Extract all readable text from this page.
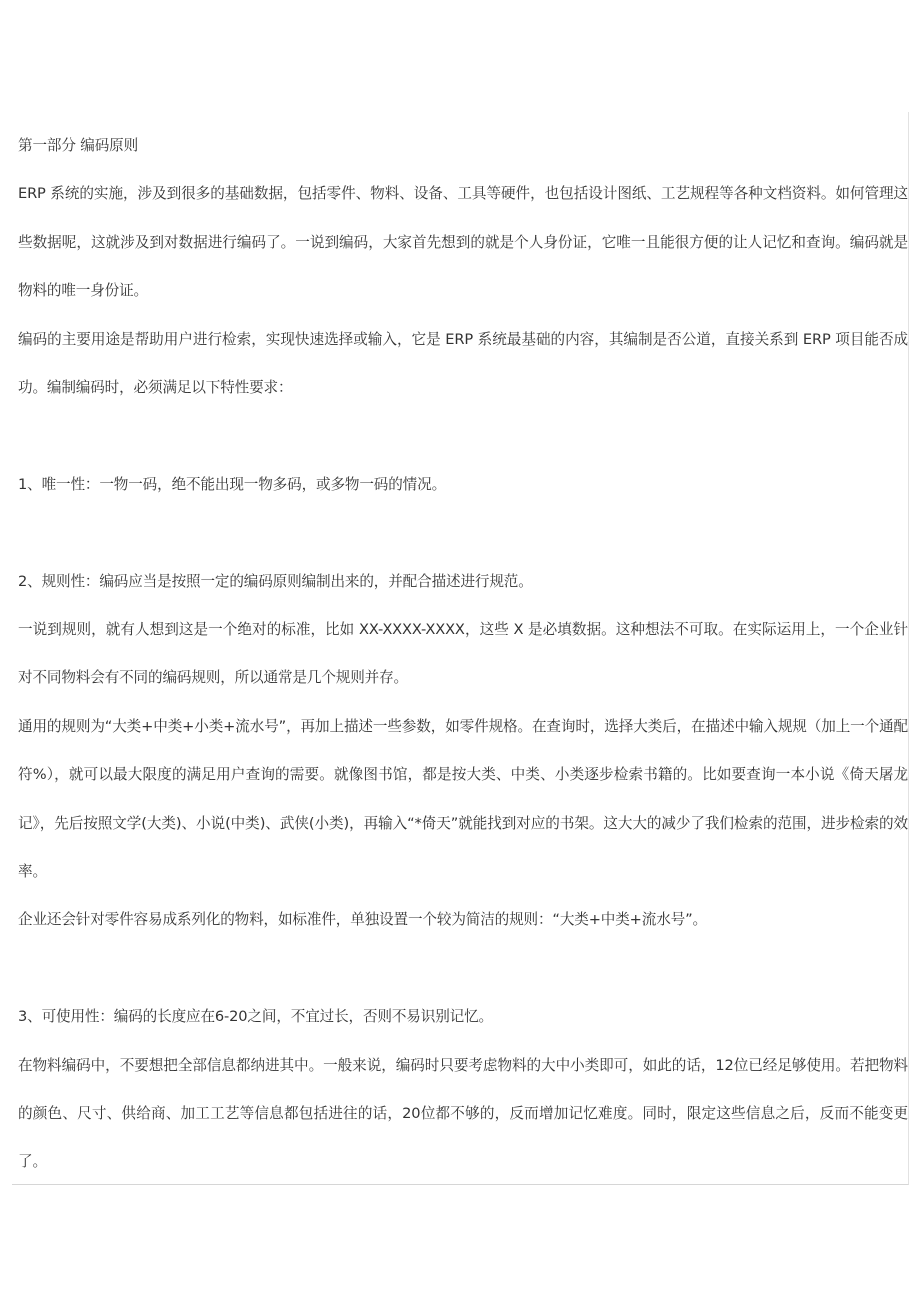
第一部分 编码原则

ERP 系统的实施，涉及到很多的基础数据，包括零件、物料、设备、工具等硬件，也包括设计图纸、工艺规程等各种文档资料。如何管理这些数据呢，这就涉及到对数据进行编码了。一说到编码，大家首先想到的就是个人身份证，它唯一且能很方便的让人记忆和查询。编码就是物料的唯一身份证。

编码的主要用途是帮助用户进行检索，实现快速选择或输入，它是 ERP 系统最基础的内容，其编制是否公道，直接关系到 ERP 项目能否成功。编制编码时，必须满足以下特性要求：

1、唯一性：一物一码，绝不能出现一物多码，或多物一码的情况。

2、规则性：编码应当是按照一定的编码原则编制出来的，并配合描述进行规范。

一说到规则，就有人想到这是一个绝对的标准，比如 XX-XXXX-XXXX，这些 X 是必填数据。这种想法不可取。在实际运用上，一个企业针对不同物料会有不同的编码规则，所以通常是几个规则并存。

通用的规则为“大类+中类+小类+流水号”，再加上描述一些参数，如零件规格。在查询时，选择大类后，在描述中输入规规（加上一个通配符%），就可以最大限度的满足用户查询的需要。就像图书馆，都是按大类、中类、小类逐步检索书籍的。比如要查询一本小说《倚天屠龙记》，先后按照文学(大类)、小说(中类)、武侠(小类)，再输入“*倚天”就能找到对应的书架。这大大的减少了我们检索的范围，进步检索的效率。

企业还会针对零件容易成系列化的物料，如标准件，单独设置一个较为简洁的规则：“大类+中类+流水号”。

3、可使用性：编码的长度应在6-20之间，不宜过长，否则不易识别记忆。

在物料编码中，不要想把全部信息都纳进其中。一般来说，编码时只要考虑物料的大中小类即可，如此的话，12位已经足够使用。若把物料的颜色、尺寸、供给商、加工工艺等信息都包括进往的话，20位都不够的，反而增加记忆难度。同时，限定这些信息之后，反而不能变更了。
